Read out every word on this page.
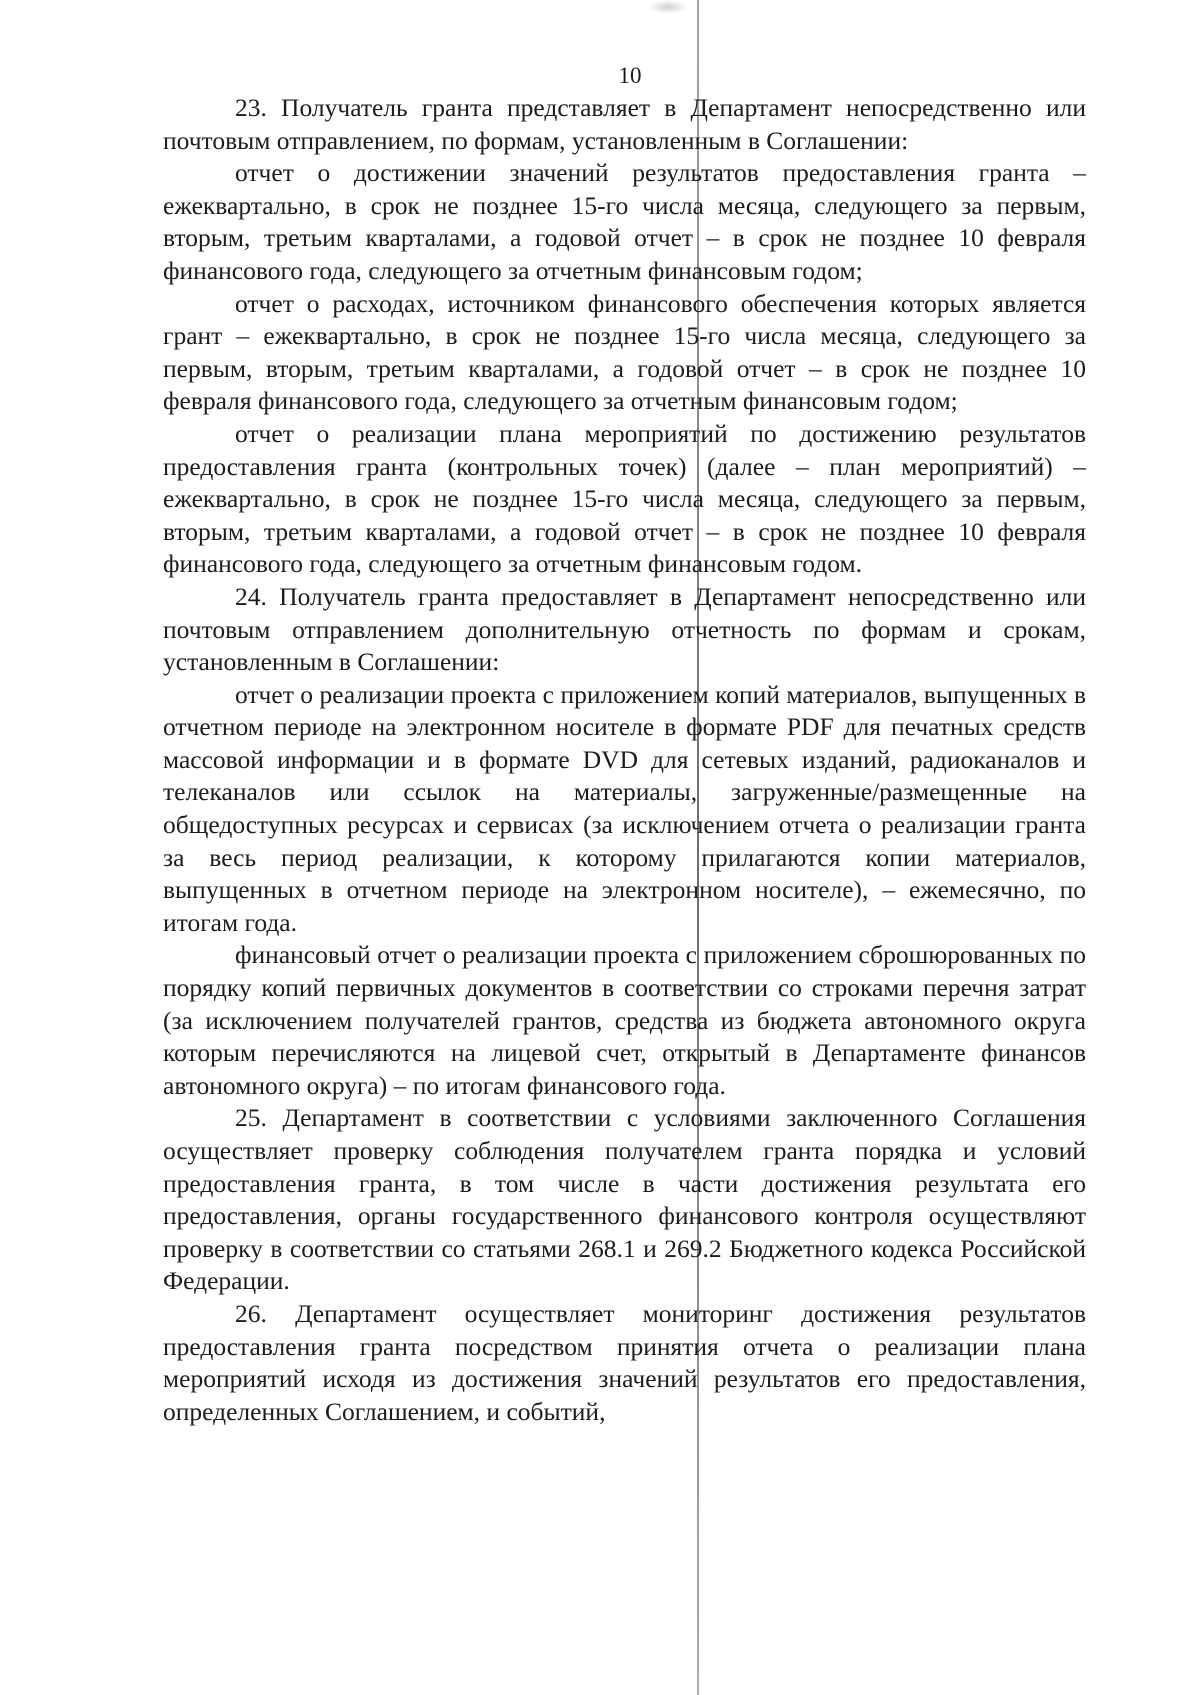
10

23. Получатель гранта представляет в Департамент непосредственно или почтовым отправлением, по формам, установленным в Соглашении:

отчет о достижении значений результатов предоставления гранта – ежеквартально, в срок не позднее 15-го числа месяца, следующего за первым, вторым, третьим кварталами, а годовой отчет – в срок не позднее 10 февраля финансового года, следующего за отчетным финансовым годом;

отчет о расходах, источником финансового обеспечения которых является грант – ежеквартально, в срок не позднее 15-го числа месяца, следующего за первым, вторым, третьим кварталами, а годовой отчет – в срок не позднее 10 февраля финансового года, следующего за отчетным финансовым годом;

отчет о реализации плана мероприятий по достижению результатов предоставления гранта (контрольных точек) (далее – план мероприятий) – ежеквартально, в срок не позднее 15-го числа месяца, следующего за первым, вторым, третьим кварталами, а годовой отчет – в срок не позднее 10 февраля финансового года, следующего за отчетным финансовым годом.

24. Получатель гранта предоставляет в Департамент непосредственно или почтовым отправлением дополнительную отчетность по формам и срокам, установленным в Соглашении:

отчет о реализации проекта с приложением копий материалов, выпущенных в отчетном периоде на электронном носителе в формате PDF для печатных средств массовой информации и в формате DVD для сетевых изданий, радиоканалов и телеканалов или ссылок на материалы, загруженные/размещенные на общедоступных ресурсах и сервисах (за исключением отчета о реализации гранта за весь период реализации, к которому прилагаются копии материалов, выпущенных в отчетном периоде на электронном носителе), – ежемесячно, по итогам года.

финансовый отчет о реализации проекта с приложением сброшюрованных по порядку копий первичных документов в соответствии со строками перечня затрат (за исключением получателей грантов, средства из бюджета автономного округа которым перечисляются на лицевой счет, открытый в Департаменте финансов автономного округа) – по итогам финансового года.

25. Департамент в соответствии с условиями заключенного Соглашения осуществляет проверку соблюдения получателем гранта порядка и условий предоставления гранта, в том числе в части достижения результата его предоставления, органы государственного финансового контроля осуществляют проверку в соответствии со статьями 268.1 и 269.2 Бюджетного кодекса Российской Федерации.

26. Департамент осуществляет мониторинг достижения результатов предоставления гранта посредством принятия отчета о реализации плана мероприятий исходя из достижения значений результатов его предоставления, определенных Соглашением, и событий,
